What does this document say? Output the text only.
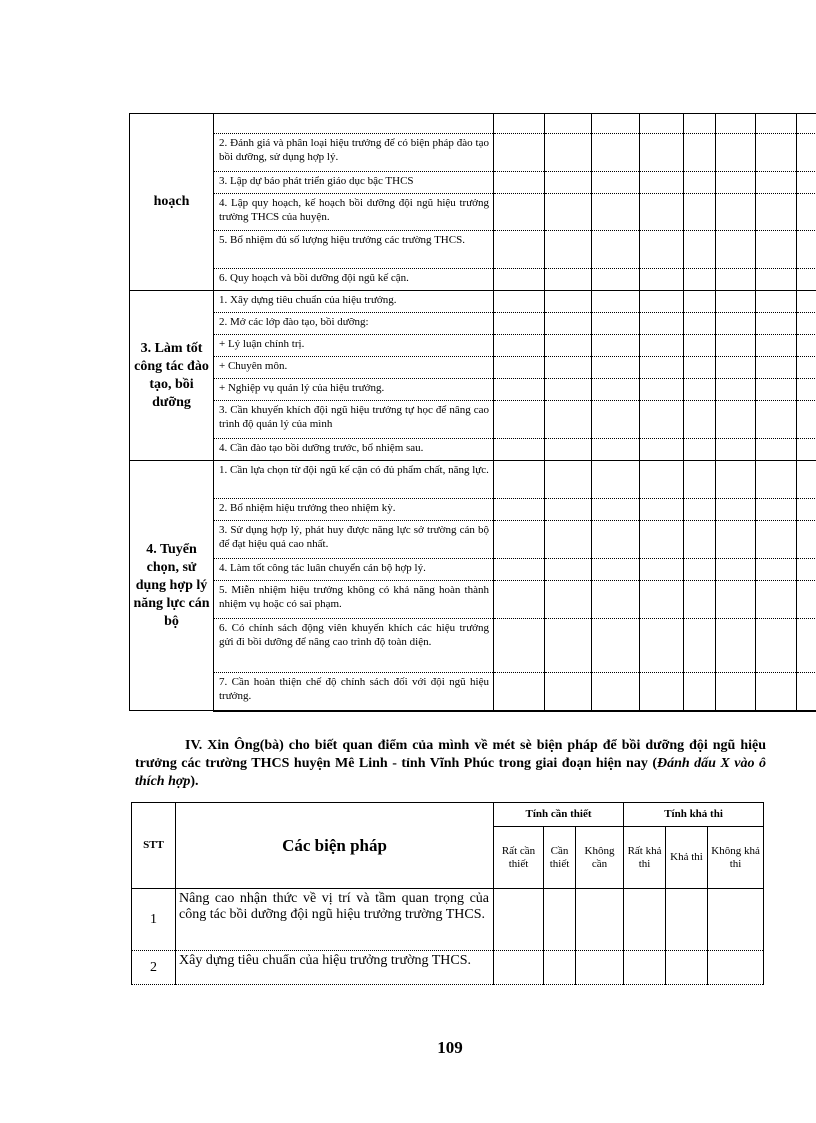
hoạch									
	2. Đánh giá và phân loại hiệu trưởng để có biện pháp đào tạo bồi dưỡng, sử dụng hợp lý.								
	3. Lập dự báo phát triển giáo dục bậc THCS								
	4. Lập quy hoạch, kế hoạch bồi dưỡng đội ngũ hiệu trưởng trường THCS của huyện.								
	5. Bổ nhiệm đủ số lượng hiệu trưởng các trường THCS.								
	6. Quy hoạch và bồi dưỡng đội ngũ kế cận.								
3. Làm tốt công tác đào tạo, bồi dưỡng	1. Xây dựng tiêu chuẩn của hiệu trưởng.								
	2. Mở các lớp đào tạo, bồi dưỡng:								
	+ Lý luận chính trị.								
	+ Chuyên môn.								
	+ Nghiệp vụ quản lý của hiệu trưởng.								
	3. Cần khuyến khích đội ngũ hiệu trưởng tự học để nâng cao trình độ quản lý của mình								
	4. Cần đào tạo bồi dưỡng trước, bổ nhiệm sau.								
4. Tuyển chọn, sử dụng hợp lý năng lực cán bộ	1. Cần lựa chọn từ đội ngũ kế cận có đủ phẩm chất, năng lực.								
	2. Bổ nhiệm hiệu trưởng theo nhiệm kỳ.								
	3. Sử dụng hợp lý, phát huy được năng lực sở trường cán bộ để đạt hiệu quả cao nhất.								
	4. Làm tốt công tác luân chuyển cán bộ hợp lý.								
	5. Miễn nhiệm hiệu trưởng không có khả năng hoàn thành nhiệm vụ hoặc có sai phạm.								
	6. Có chính sách động viên khuyến khích các hiệu trưởng gửi đi bồi dưỡng để nâng cao trình độ toàn diện.								
	7. Cần hoàn thiện chế độ chính sách đối với đội ngũ hiệu trưởng.								
IV. Xin Ông(bà) cho biết quan điểm của mình về mét sè biện pháp để bồi dưỡng đội ngũ hiệu trưởng các trường THCS huyện Mê Linh - tỉnh Vĩnh Phúc trong giai đoạn hiện nay (Đánh dấu X vào ô thích hợp).
STT	Các biện pháp	Tính cần thiết			Tính khả thi		
		Rất cần thiết	Cần thiết	Không cần	Rất khả thi	Khả thi	Không khả thi
1	Nâng cao nhận thức về vị trí và tầm quan trọng của công tác bồi dưỡng đội ngũ hiệu trưởng trường THCS.						
2	Xây dựng tiêu chuẩn của hiệu trưởng trường THCS.						
109
